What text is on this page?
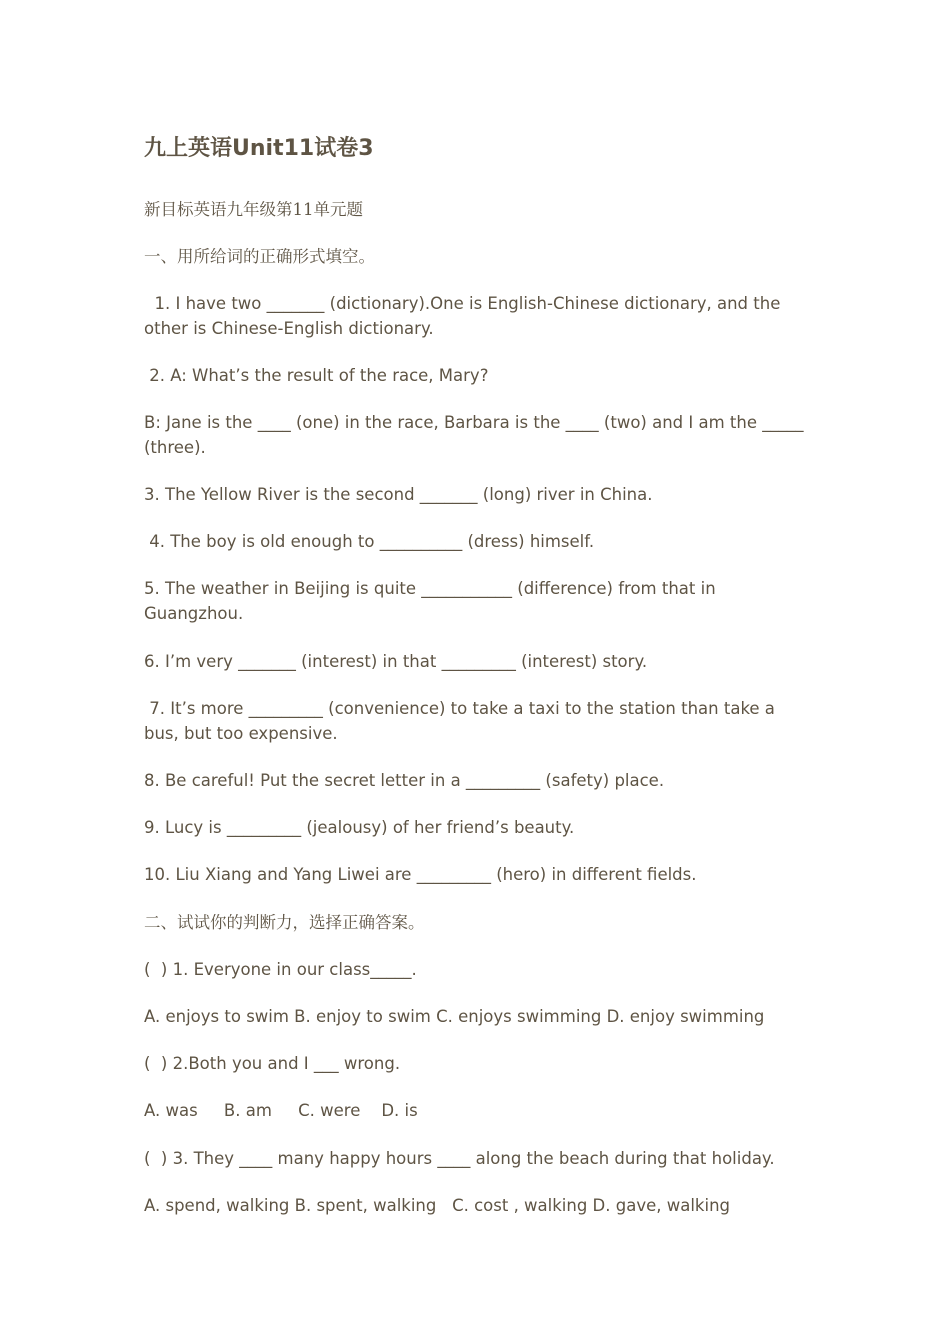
九上英语Unit11试卷3

新目标英语九年级第11单元题

一、用所给词的正确形式填空。

1. I have two _______ (dictionary).One is English-Chinese dictionary, and the other is Chinese-English dictionary.

2. A: What’s the result of the race, Mary?

B: Jane is the ____ (one) in the race, Barbara is the ____ (two) and I am the _____ (three).

3. The Yellow River is the second _______ (long) river in China.

4. The boy is old enough to __________ (dress) himself.

5. The weather in Beijing is quite ___________ (difference) from that in Guangzhou.

6. I’m very _______ (interest) in that _________ (interest) story.

7. It’s more _________ (convenience) to take a taxi to the station than take a bus, but too expensive.

8. Be careful! Put the secret letter in a _________ (safety) place.

9. Lucy is _________ (jealousy) of her friend’s beauty.

10. Liu Xiang and Yang Liwei are _________ (hero) in different fields.

二、试试你的判断力，选择正确答案。

(  ) 1. Everyone in our class_____.

A. enjoys to swim B. enjoy to swim C. enjoys swimming D. enjoy swimming

(  ) 2.Both you and I ___ wrong.

A. was     B. am     C. were    D. is

(  ) 3. They ____ many happy hours ____ along the beach during that holiday.

A. spend, walking B. spent, walking   C. cost , walking D. gave, walking
